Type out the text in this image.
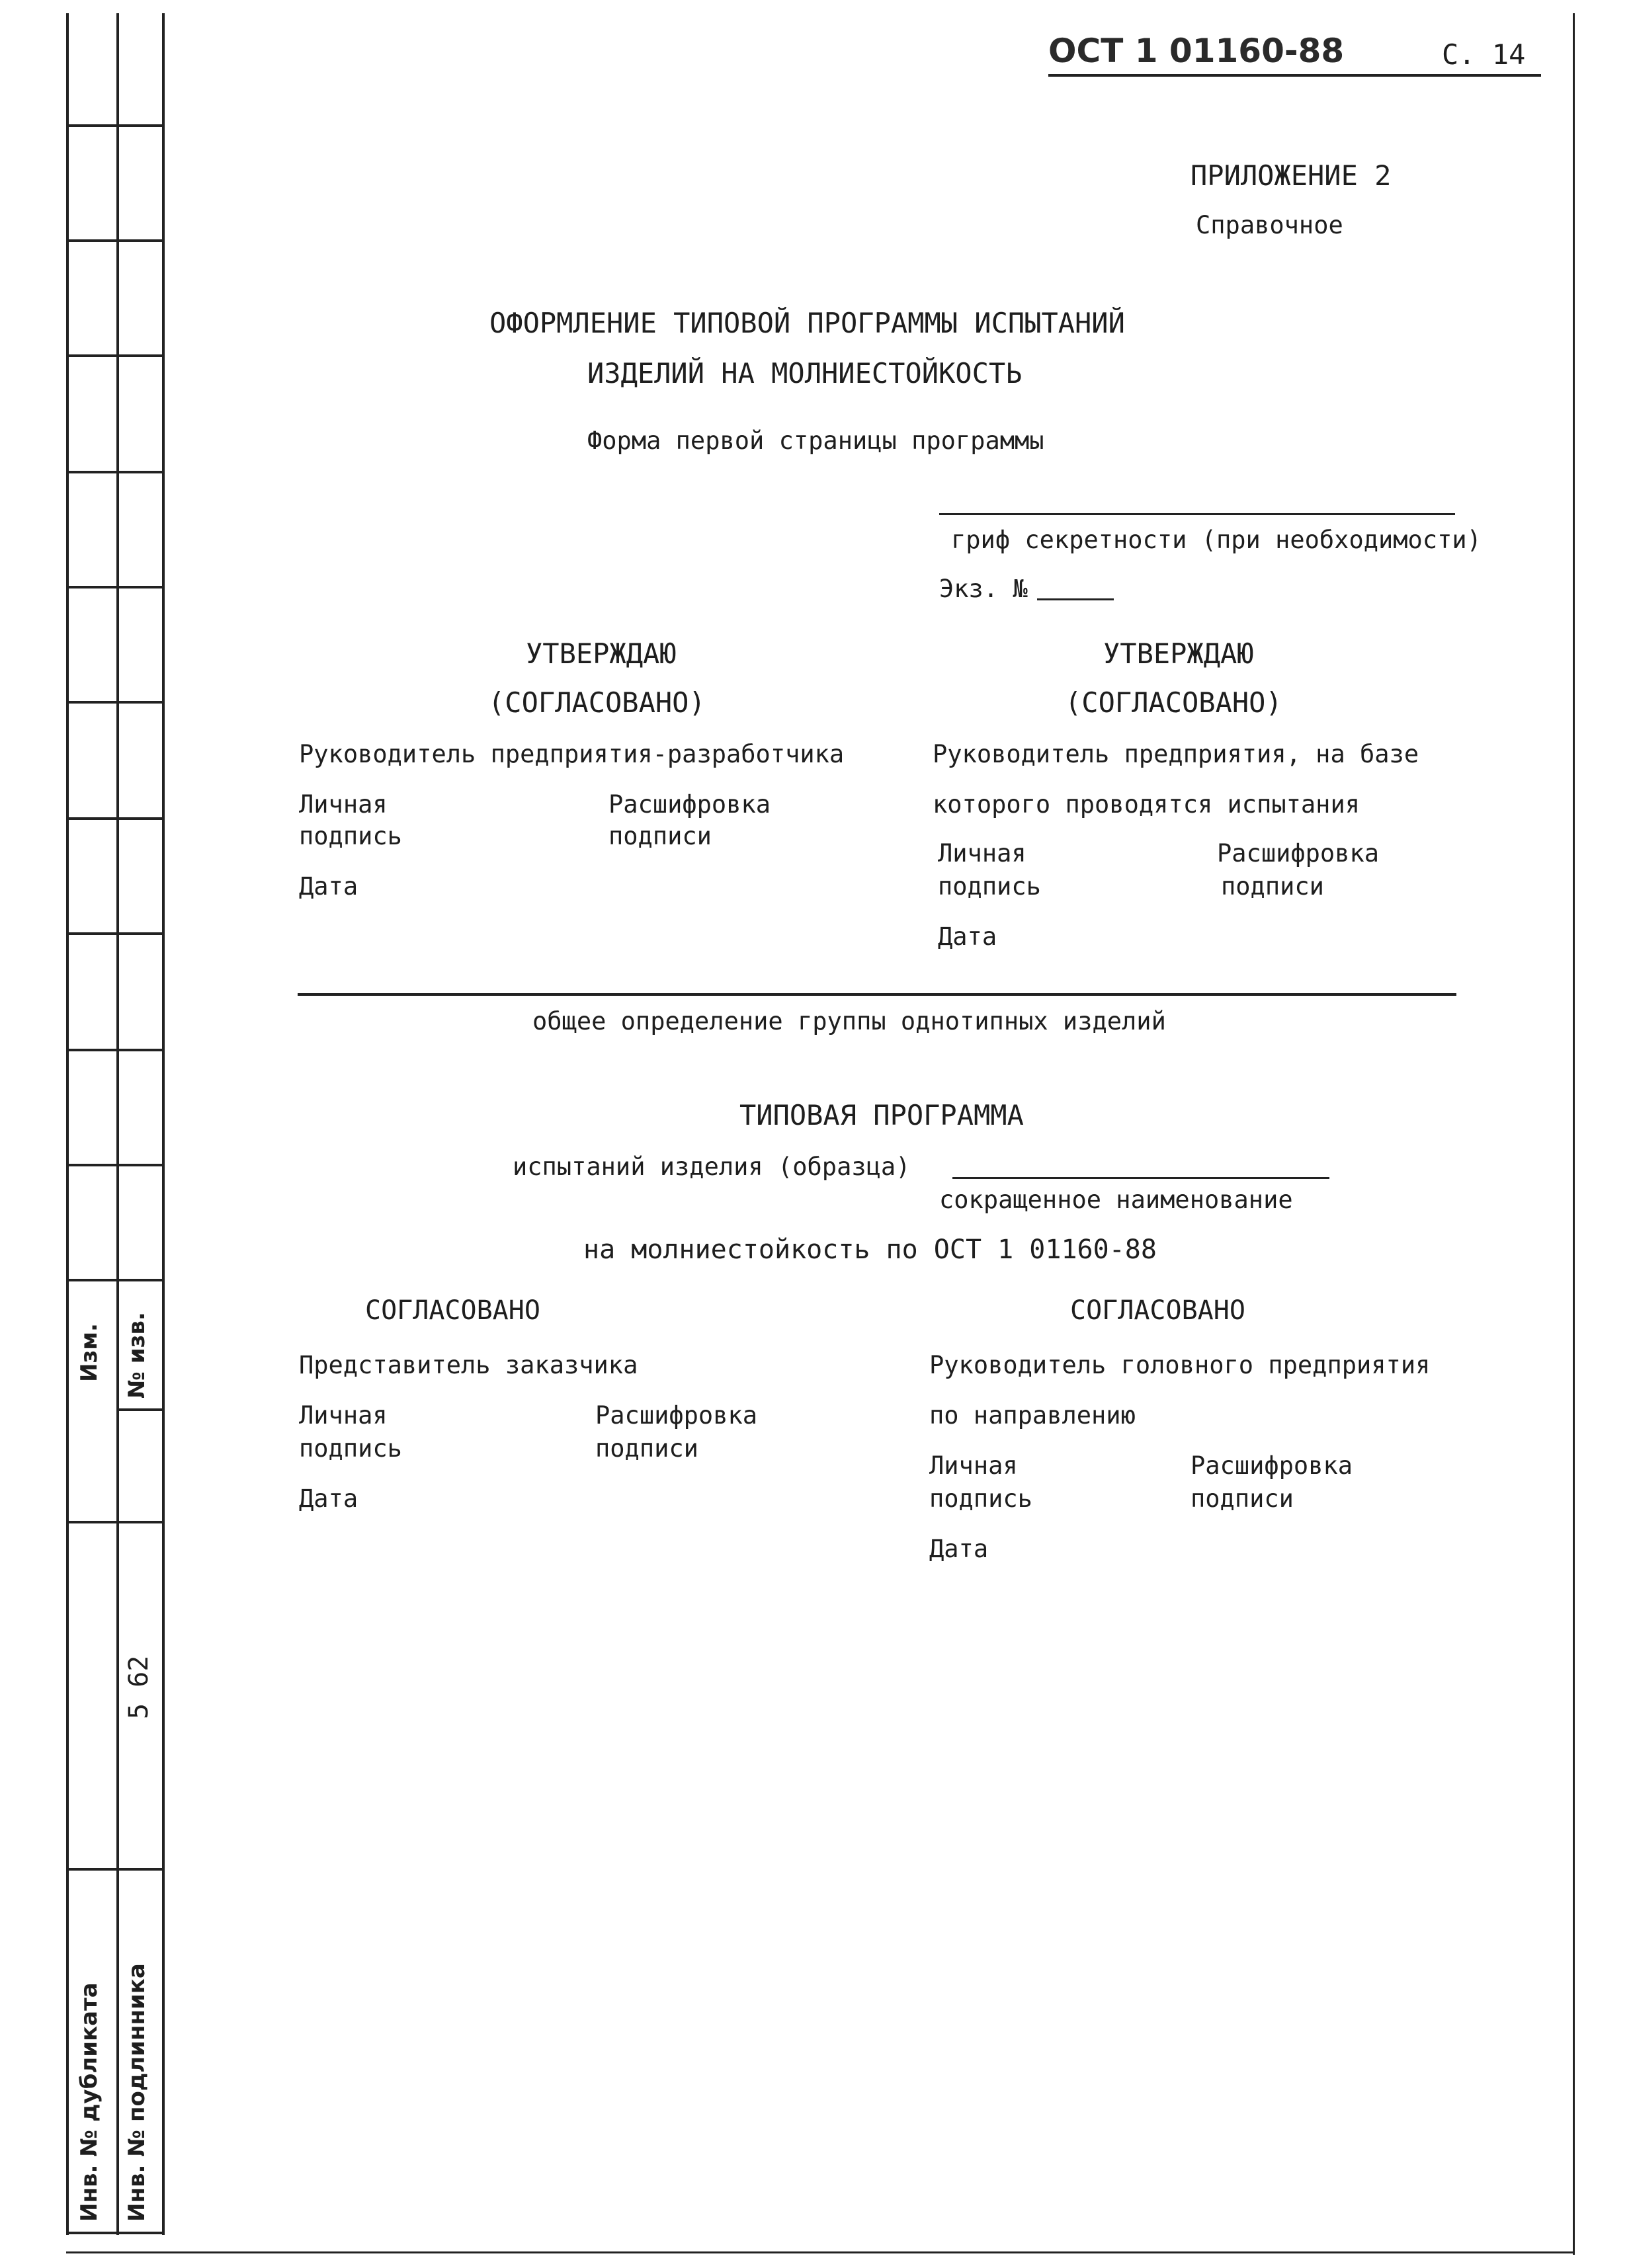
Изм. № изв.
5 62
Инв. № дубликата Инв. № подлинника
ОСТ 1 01160-88	С. 14
ПРИЛОЖЕНИЕ 2
Справочное
ОФОРМЛЕНИЕ ТИПОВОЙ ПРОГРАММЫ ИСПЫТАНИЙ
ИЗДЕЛИЙ НА МОЛНИЕСТОЙКОСТЬ
Форма первой страницы программы
гриф секретности (при необходимости)
Экз. №
УТВЕРЖДАЮ
(СОГЛАСОВАНО)
Руководитель предприятия-разработчика
Личная
подпись
Расшифровка
подписи
Дата
УТВЕРЖДАЮ
(СОГЛАСОВАНО)
Руководитель предприятия, на базе
которого проводятся испытания
Личная
подпись
Расшифровка
подписи
Дата
общее определение группы однотипных изделий
ТИПОВАЯ ПРОГРАММА
испытаний изделия (образца)
сокращенное наименование
на молниестойкость по ОСТ 1 01160-88
СОГЛАСОВАНО
Представитель заказчика
Личная
подпись
Расшифровка
подписи
Дата
СОГЛАСОВАНО
Руководитель головного предприятия
по направлению
Личная
подпись
Расшифровка
подписи
Дата
